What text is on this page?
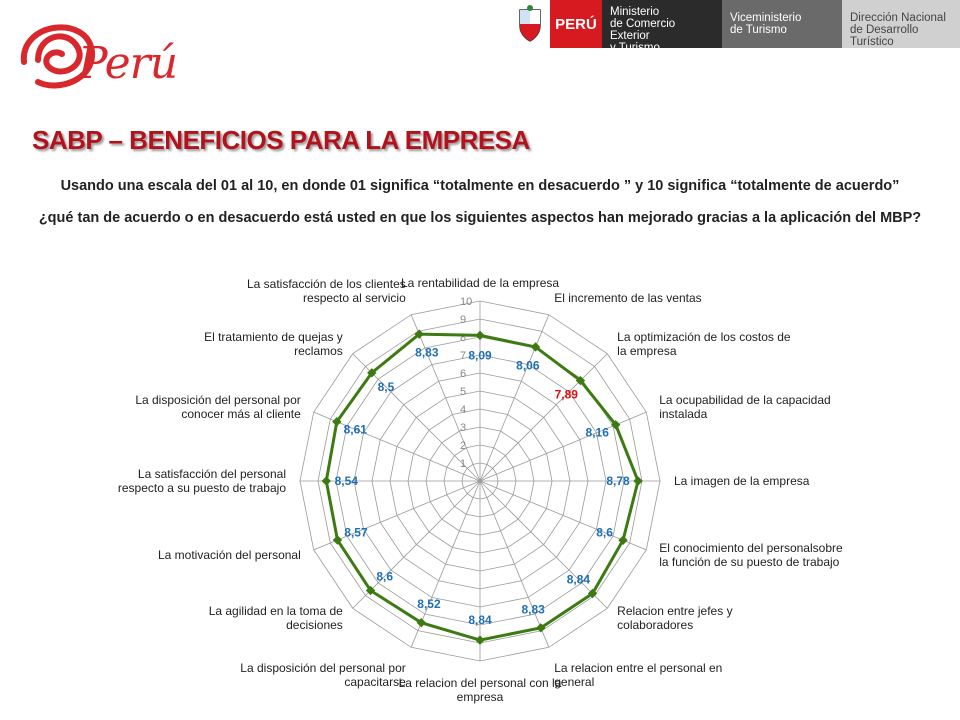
Perú
PERÚ
Ministerio
de Comercio Exterior
y Turismo
Viceministerio
de Turismo
Dirección Nacional
de Desarrollo Turístico
SABP – BENEFICIOS PARA LA EMPRESA
Usando una escala del 01 al 10, en donde 01 significa “totalmente en desacuerdo ” y 10 significa “totalmente de acuerdo”
¿qué tan de acuerdo o en desacuerdo está usted en que los siguientes aspectos han mejorado gracias a la aplicación del MBP?
1
2
3
4
5
6
7
8
9
10
8,09
8,06
7,89
8,16
8,78
8,6
8,84
8,83
8,84
8,52
8,6
8,57
8,54
8,61
8,5
8,83
La rentabilidad de la empresa
El incremento de las ventas
La optimización de los costos de la empresa
La ocupabilidad de la capacidad instalada
La imagen de la empresa
El conocimiento del personalsobre la función de su puesto de trabajo
Relacion entre jefes y colaboradores
La relacion entre el personal en general
La relacion del personal con la empresa
La disposición del personal por capacitarse
La agilidad en la toma de decisiones
La motivación del personal
La satisfacción del personal respecto a su puesto de trabajo
La disposición del personal por conocer más al cliente
El tratamiento de quejas y reclamos
La satisfacción de los clientes respecto al servicio
